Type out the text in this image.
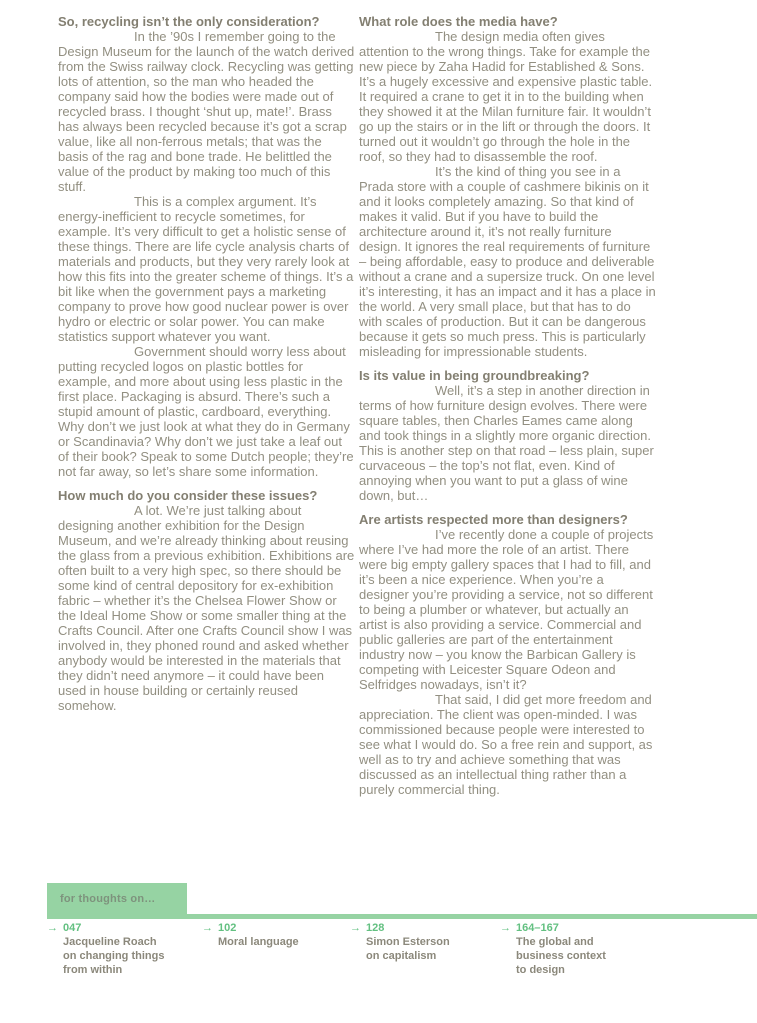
So, recycling isn’t the only consideration?

In the ’90s I remember going to the Design Museum for the launch of the watch derived from the Swiss railway clock. Recycling was getting lots of attention, so the man who headed the company said how the bodies were made out of recycled brass. I thought ‘shut up, mate!’. Brass has always been recycled because it’s got a scrap value, like all non-ferrous metals; that was the basis of the rag and bone trade. He belittled the value of the product by making too much of this stuff.

This is a complex argument. It’s energy-inefficient to recycle sometimes, for example. It’s very difficult to get a holistic sense of these things. There are life cycle analysis charts of materials and products, but they very rarely look at how this fits into the greater scheme of things. It’s a bit like when the government pays a marketing company to prove how good nuclear power is over hydro or electric or solar power. You can make statistics support whatever you want.

Government should worry less about putting recycled logos on plastic bottles for example, and more about using less plastic in the first place. Packaging is absurd. There’s such a stupid amount of plastic, cardboard, everything. Why don’t we just look at what they do in Germany or Scandinavia? Why don’t we just take a leaf out of their book? Speak to some Dutch people; they’re not far away, so let’s share some information.

How much do you consider these issues?

A lot. We’re just talking about designing another exhibition for the Design Museum, and we’re already thinking about reusing the glass from a previous exhibition. Exhibitions are often built to a very high spec, so there should be some kind of central depository for ex-exhibition fabric – whether it’s the Chelsea Flower Show or the Ideal Home Show or some smaller thing at the Crafts Council. After one Crafts Council show I was involved in, they phoned round and asked whether anybody would be interested in the materials that they didn’t need anymore – it could have been used in house building or certainly reused somehow.

What role does the media have?

The design media often gives attention to the wrong things. Take for example the new piece by Zaha Hadid for Established & Sons. It’s a hugely excessive and expensive plastic table. It required a crane to get it in to the building when they showed it at the Milan furniture fair. It wouldn’t go up the stairs or in the lift or through the doors. It turned out it wouldn’t go through the hole in the roof, so they had to disassemble the roof.

It’s the kind of thing you see in a Prada store with a couple of cashmere bikinis on it and it looks completely amazing. So that kind of makes it valid. But if you have to build the architecture around it, it’s not really furniture design. It ignores the real requirements of furniture – being affordable, easy to produce and deliverable without a crane and a supersize truck. On one level it’s interesting, it has an impact and it has a place in the world. A very small place, but that has to do with scales of production. But it can be dangerous because it gets so much press. This is particularly misleading for impressionable students.

Is its value in being groundbreaking?

Well, it’s a step in another direction in terms of how furniture design evolves. There were square tables, then Charles Eames came along and took things in a slightly more organic direction. This is another step on that road – less plain, super curvaceous – the top’s not flat, even. Kind of annoying when you want to put a glass of wine down, but…

Are artists respected more than designers?

I’ve recently done a couple of projects where I’ve had more the role of an artist. There were big empty gallery spaces that I had to fill, and it’s been a nice experience. When you’re a designer you’re providing a service, not so different to being a plumber or whatever, but actually an artist is also providing a service. Commercial and public galleries are part of the entertainment industry now – you know the Barbican Gallery is competing with Leicester Square Odeon and Selfridges nowadays, isn’t it?

That said, I did get more freedom and appreciation. The client was open-minded. I was commissioned because people were interested to see what I would do. So a free rein and support, as well as to try and achieve something that was discussed as an intellectual thing rather than a purely commercial thing.

for thoughts on…
→ 047
Jacqueline Roach
on changing things
from within
→ 102
Moral language
→ 128
Simon Esterson
on capitalism
→ 164–167
The global and
business context
to design
